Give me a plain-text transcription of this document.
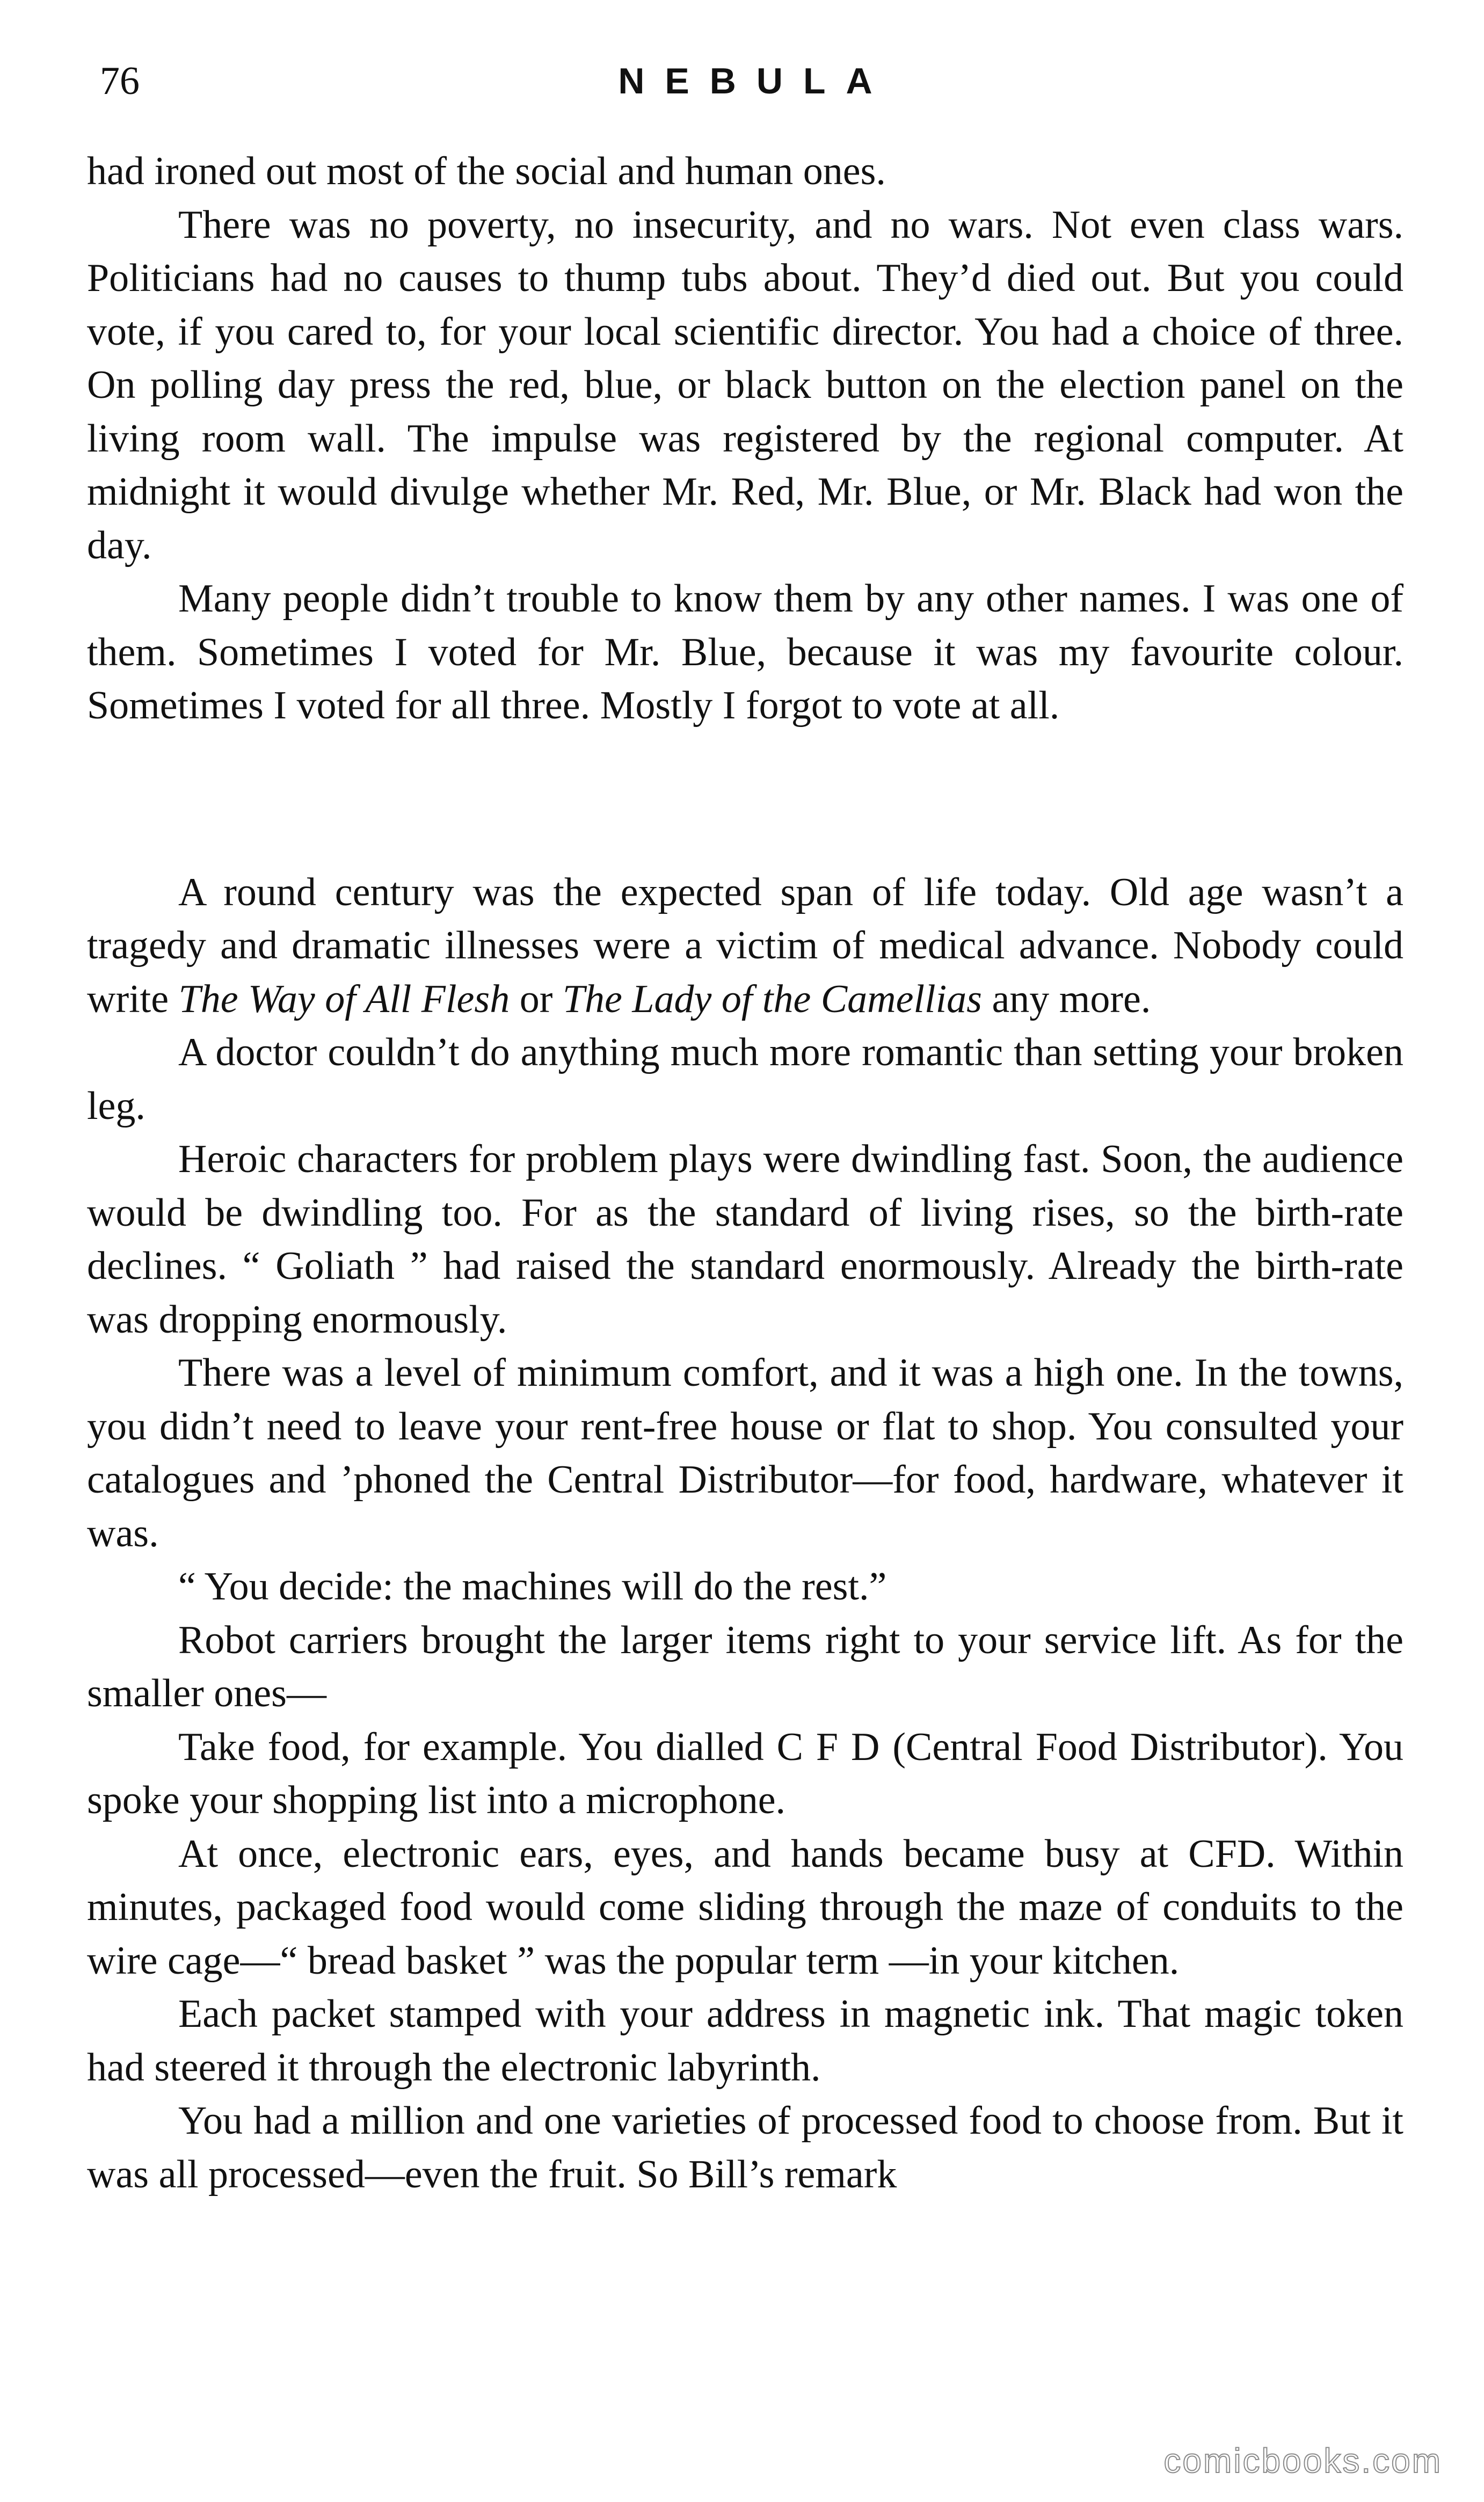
76	NEBULA

had ironed out most of the social and human ones.

There was no poverty, no insecurity, and no wars. Not even class wars. Politicians had no causes to thump tubs about. They’d died out. But you could vote, if you cared to, for your local scientific director. You had a choice of three. On polling day press the red, blue, or black button on the election panel on the living room wall. The impulse was registered by the regional computer. At midnight it would divulge whether Mr. Red, Mr. Blue, or Mr. Black had won the day.

Many people didn’t trouble to know them by any other names. I was one of them. Sometimes I voted for Mr. Blue, because it was my favourite colour. Sometimes I voted for all three. Mostly I forgot to vote at all.

A round century was the expected span of life today. Old age wasn’t a tragedy and dramatic illnesses were a victim of medical advance. Nobody could write The Way of All Flesh or The Lady of the Camellias any more.

A doctor couldn’t do anything much more romantic than setting your broken leg.

Heroic characters for problem plays were dwindling fast. Soon, the audience would be dwindling too. For as the standard of living rises, so the birth-rate declines. “ Goliath ” had raised the standard enormously. Already the birth-rate was dropping enormously.

There was a level of minimum comfort, and it was a high one. In the towns, you didn’t need to leave your rent-free house or flat to shop. You consulted your catalogues and ’phoned the Central Distributor—for food, hardware, whatever it was.

“ You decide: the machines will do the rest.”

Robot carriers brought the larger items right to your service lift. As for the smaller ones—

Take food, for example. You dialled C F D (Central Food Distributor). You spoke your shopping list into a microphone.

At once, electronic ears, eyes, and hands became busy at CFD. Within minutes, packaged food would come sliding through the maze of conduits to the wire cage—“ bread basket ” was the popular term —in your kitchen.

Each packet stamped with your address in magnetic ink. That magic token had steered it through the electronic labyrinth.

You had a million and one varieties of processed food to choose from. But it was all processed—even the fruit. So Bill’s remark

comicbooks.com
